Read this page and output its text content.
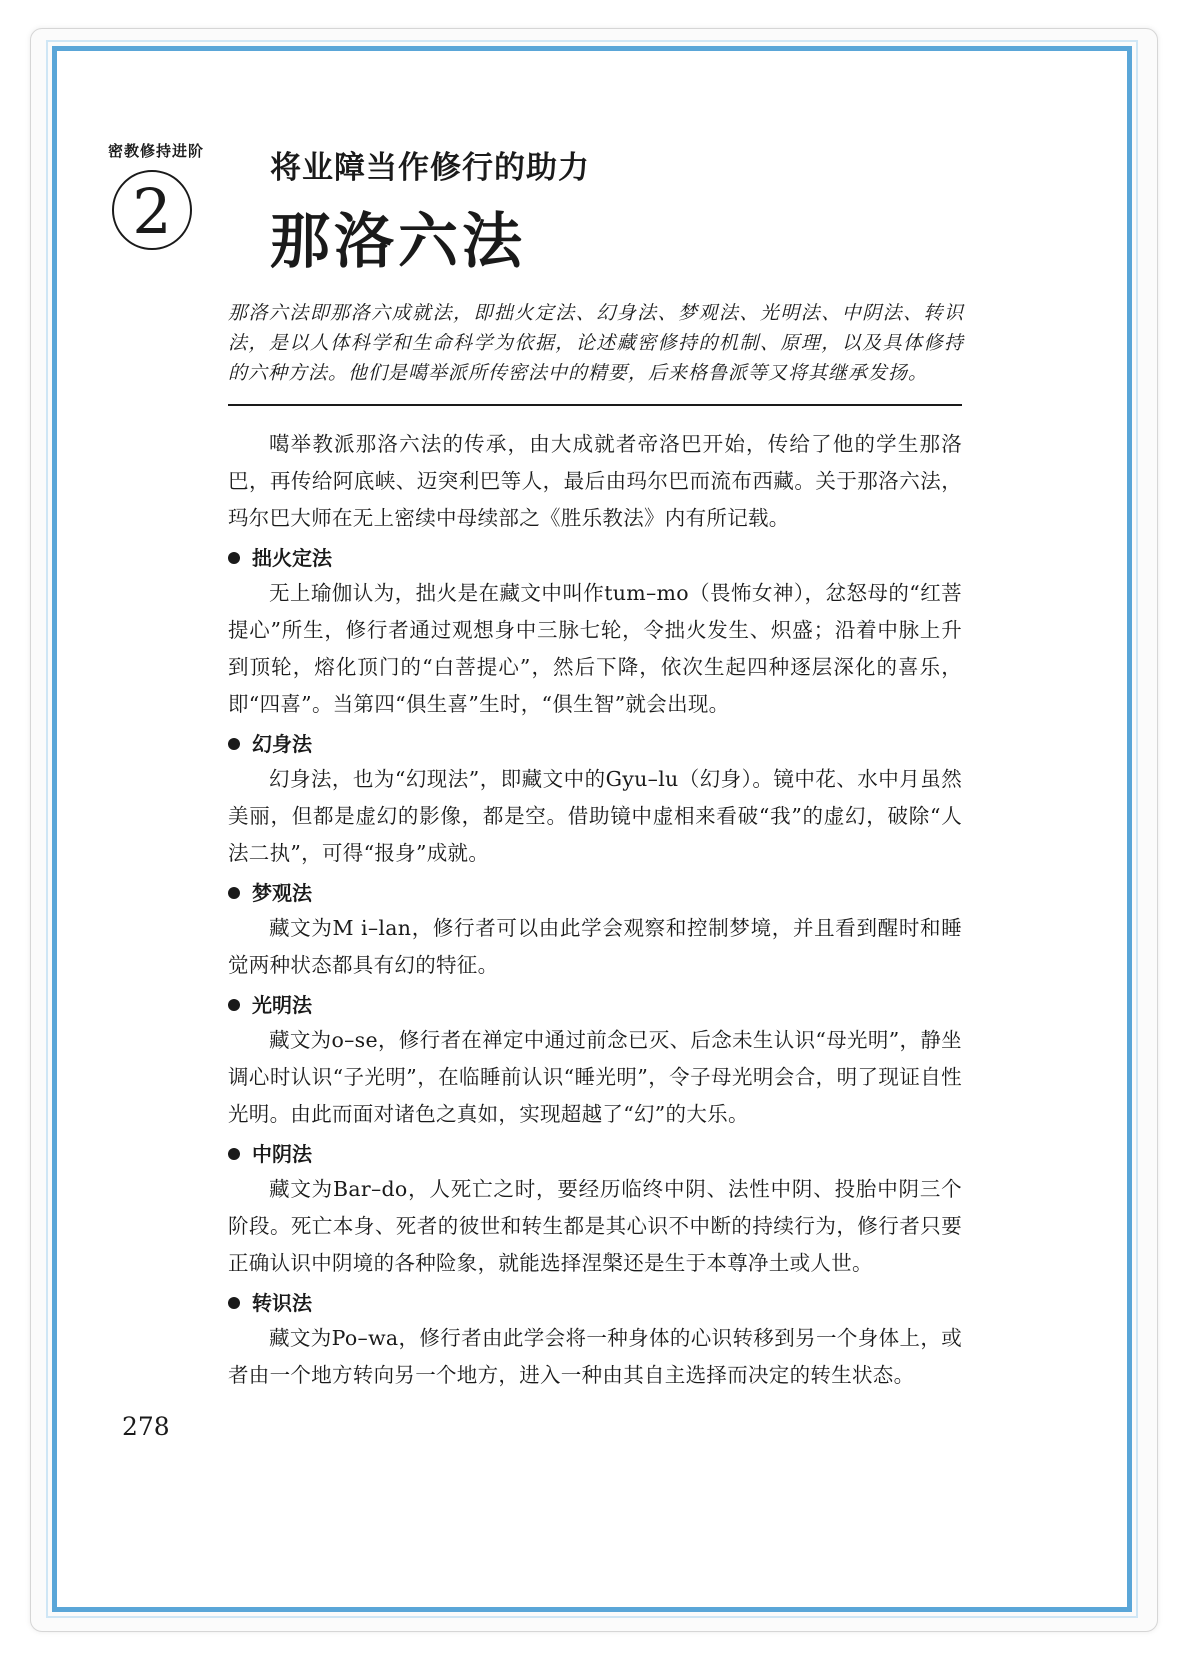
密教修持进阶
2
将业障当作修行的助力
那洛六法
那洛六法即那洛六成就法，即拙火定法、幻身法、梦观法、光明法、中阴法、转识法，是以人体科学和生命科学为依据，论述藏密修持的机制、原理，以及具体修持的六种方法。他们是噶举派所传密法中的精要，后来格鲁派等又将其继承发扬。

噶举教派那洛六法的传承，由大成就者帝洛巴开始，传给了他的学生那洛巴，再传给阿底峡、迈突利巴等人，最后由玛尔巴而流布西藏。关于那洛六法，玛尔巴大师在无上密续中母续部之《胜乐教法》内有所记载。

拙火定法

无上瑜伽认为，拙火是在藏文中叫作tum–mo（畏怖女神），忿怒母的“红菩提心”所生，修行者通过观想身中三脉七轮，令拙火发生、炽盛；沿着中脉上升到顶轮，熔化顶门的“白菩提心”，然后下降，依次生起四种逐层深化的喜乐，即“四喜”。当第四“俱生喜”生时，“俱生智”就会出现。

幻身法

幻身法，也为“幻现法”，即藏文中的Gyu–lu（幻身）。镜中花、水中月虽然美丽，但都是虚幻的影像，都是空。借助镜中虚相来看破“我”的虚幻，破除“人法二执”，可得“报身”成就。

梦观法

藏文为M i–lan，修行者可以由此学会观察和控制梦境，并且看到醒时和睡觉两种状态都具有幻的特征。

光明法

藏文为o–se，修行者在禅定中通过前念已灭、后念未生认识“母光明”，静坐调心时认识“子光明”，在临睡前认识“睡光明”，令子母光明会合，明了现证自性光明。由此而面对诸色之真如，实现超越了“幻”的大乐。

中阴法

藏文为Bar–do，人死亡之时，要经历临终中阴、法性中阴、投胎中阴三个阶段。死亡本身、死者的彼世和转生都是其心识不中断的持续行为，修行者只要正确认识中阴境的各种险象，就能选择涅槃还是生于本尊净土或人世。

转识法

藏文为Po–wa，修行者由此学会将一种身体的心识转移到另一个身体上，或者由一个地方转向另一个地方，进入一种由其自主选择而决定的转生状态。

278
